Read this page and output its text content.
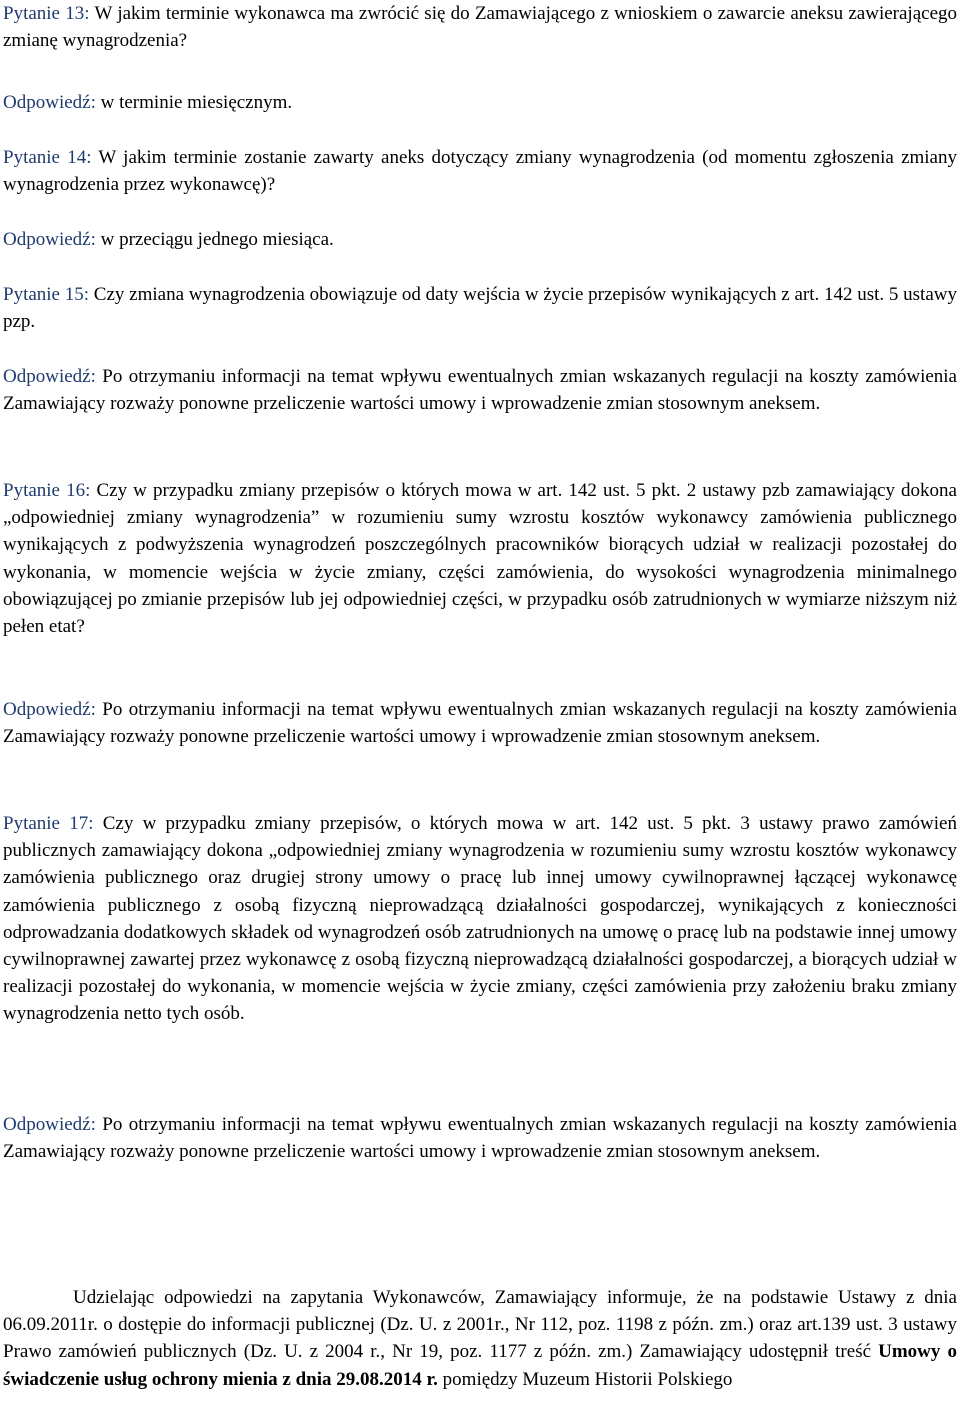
Pytanie 13: W jakim terminie wykonawca ma zwrócić się do Zamawiającego z wnioskiem o zawarcie aneksu zawierającego zmianę wynagrodzenia?

Odpowiedź: w terminie miesięcznym.

Pytanie 14: W jakim terminie zostanie zawarty aneks dotyczący zmiany wynagrodzenia (od momentu zgłoszenia zmiany wynagrodzenia przez wykonawcę)?

Odpowiedź: w przeciągu jednego miesiąca.

Pytanie 15: Czy zmiana wynagrodzenia obowiązuje od daty wejścia w życie przepisów wynikających z art. 142 ust. 5 ustawy pzp.

Odpowiedź: Po otrzymaniu informacji na temat wpływu ewentualnych zmian wskazanych regulacji na koszty zamówienia Zamawiający rozważy ponowne przeliczenie wartości umowy i wprowadzenie zmian stosownym aneksem.

Pytanie 16: Czy w przypadku zmiany przepisów o których mowa w art. 142 ust. 5 pkt. 2 ustawy pzb zamawiający dokona „odpowiedniej zmiany wynagrodzenia” w rozumieniu sumy wzrostu kosztów wykonawcy zamówienia publicznego wynikających z podwyższenia wynagrodzeń poszczególnych pracowników biorących udział w realizacji pozostałej do wykonania, w momencie wejścia w życie zmiany, części zamówienia, do wysokości wynagrodzenia minimalnego obowiązującej po zmianie przepisów lub jej odpowiedniej części, w przypadku osób zatrudnionych w wymiarze niższym niż pełen etat?

Odpowiedź: Po otrzymaniu informacji na temat wpływu ewentualnych zmian wskazanych regulacji na koszty zamówienia Zamawiający rozważy ponowne przeliczenie wartości umowy i wprowadzenie zmian stosownym aneksem.

Pytanie 17: Czy w przypadku zmiany przepisów, o których mowa w art. 142 ust. 5 pkt. 3 ustawy prawo zamówień publicznych zamawiający dokona „odpowiedniej zmiany wynagrodzenia w rozumieniu sumy wzrostu kosztów wykonawcy zamówienia publicznego oraz drugiej strony umowy o pracę lub innej umowy cywilnoprawnej łączącej wykonawcę zamówienia publicznego z osobą fizyczną nieprowadzącą działalności gospodarczej, wynikających z konieczności odprowadzania dodatkowych składek od wynagrodzeń osób zatrudnionych na umowę o pracę lub na podstawie innej umowy cywilnoprawnej zawartej przez wykonawcę z osobą fizyczną nieprowadzącą działalności gospodarczej, a biorących udział w realizacji pozostałej do wykonania, w momencie wejścia w życie zmiany, części zamówienia przy założeniu braku zmiany wynagrodzenia netto tych osób.

Odpowiedź: Po otrzymaniu informacji na temat wpływu ewentualnych zmian wskazanych regulacji na koszty zamówienia Zamawiający rozważy ponowne przeliczenie wartości umowy i wprowadzenie zmian stosownym aneksem.

Udzielając odpowiedzi na zapytania Wykonawców, Zamawiający informuje, że na podstawie Ustawy z dnia 06.09.2011r. o dostępie do informacji publicznej (Dz. U. z 2001r., Nr 112, poz. 1198 z późn. zm.) oraz art.139 ust. 3 ustawy Prawo zamówień publicznych (Dz. U. z 2004 r., Nr 19, poz. 1177 z późn. zm.) Zamawiający udostępnił treść Umowy o świadczenie usług ochrony mienia z dnia 29.08.2014 r. pomiędzy Muzeum Historii Polskiego
